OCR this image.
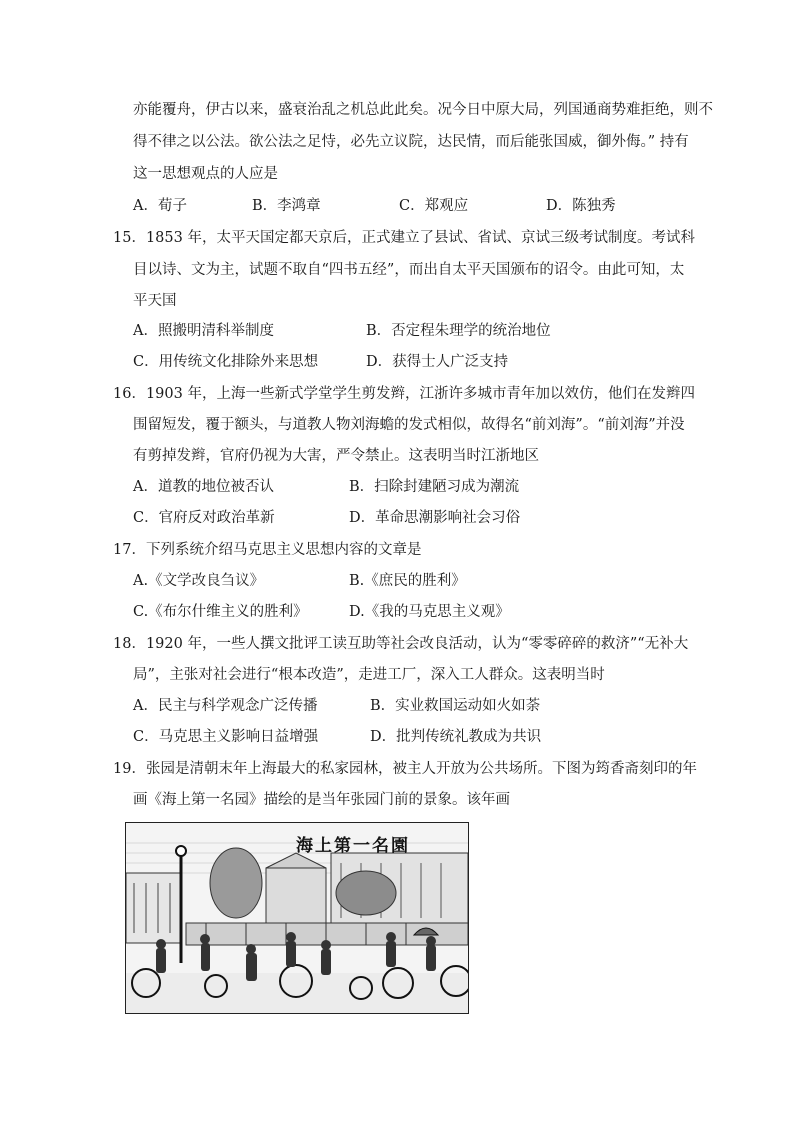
亦能覆舟，伊古以来，盛衰治乱之机总此此矣。况今日中原大局，列国通商势难拒绝，则不
得不律之以公法。欲公法之足恃，必先立议院，达民情，而后能张国威，御外侮。” 持有
这一思想观点的人应是
A．荀子	B．李鸿章	C．郑观应	D．陈独秀
15．1853 年，太平天国定都天京后，正式建立了县试、省试、京试三级考试制度。考试科
目以诗、文为主，试题不取自“四书五经”，而出自太平天国颁布的诏令。由此可知，太
平天国
A．照搬明清科举制度	B．否定程朱理学的统治地位
C．用传统文化排除外来思想	D．获得士人广泛支持
16．1903 年，上海一些新式学堂学生剪发辫，江浙许多城市青年加以效仿，他们在发辫四
围留短发，覆于额头，与道教人物刘海蟾的发式相似，故得名“前刘海”。“前刘海”并没
有剪掉发辫，官府仍视为大害，严令禁止。这表明当时江浙地区
A．道教的地位被否认	B．扫除封建陋习成为潮流
C．官府反对政治革新	D．革命思潮影响社会习俗
17．下列系统介绍马克思主义思想内容的文章是
A.《文学改良刍议》	B.《庶民的胜利》
C.《布尔什维主义的胜利》	D.《我的马克思主义观》
18．1920 年，一些人撰文批评工读互助等社会改良活动，认为“零零碎碎的救济”“无补大
局”，主张对社会进行“根本改造”，走进工厂，深入工人群众。这表明当时
A．民主与科学观念广泛传播	B．实业救国运动如火如荼
C．马克思主义影响日益增强	D．批判传统礼教成为共识
19．张园是清朝末年上海最大的私家园林，被主人开放为公共场所。下图为筠香斋刻印的年
画《海上第一名园》描绘的是当年张园门前的景象。该年画
海上第一名園
